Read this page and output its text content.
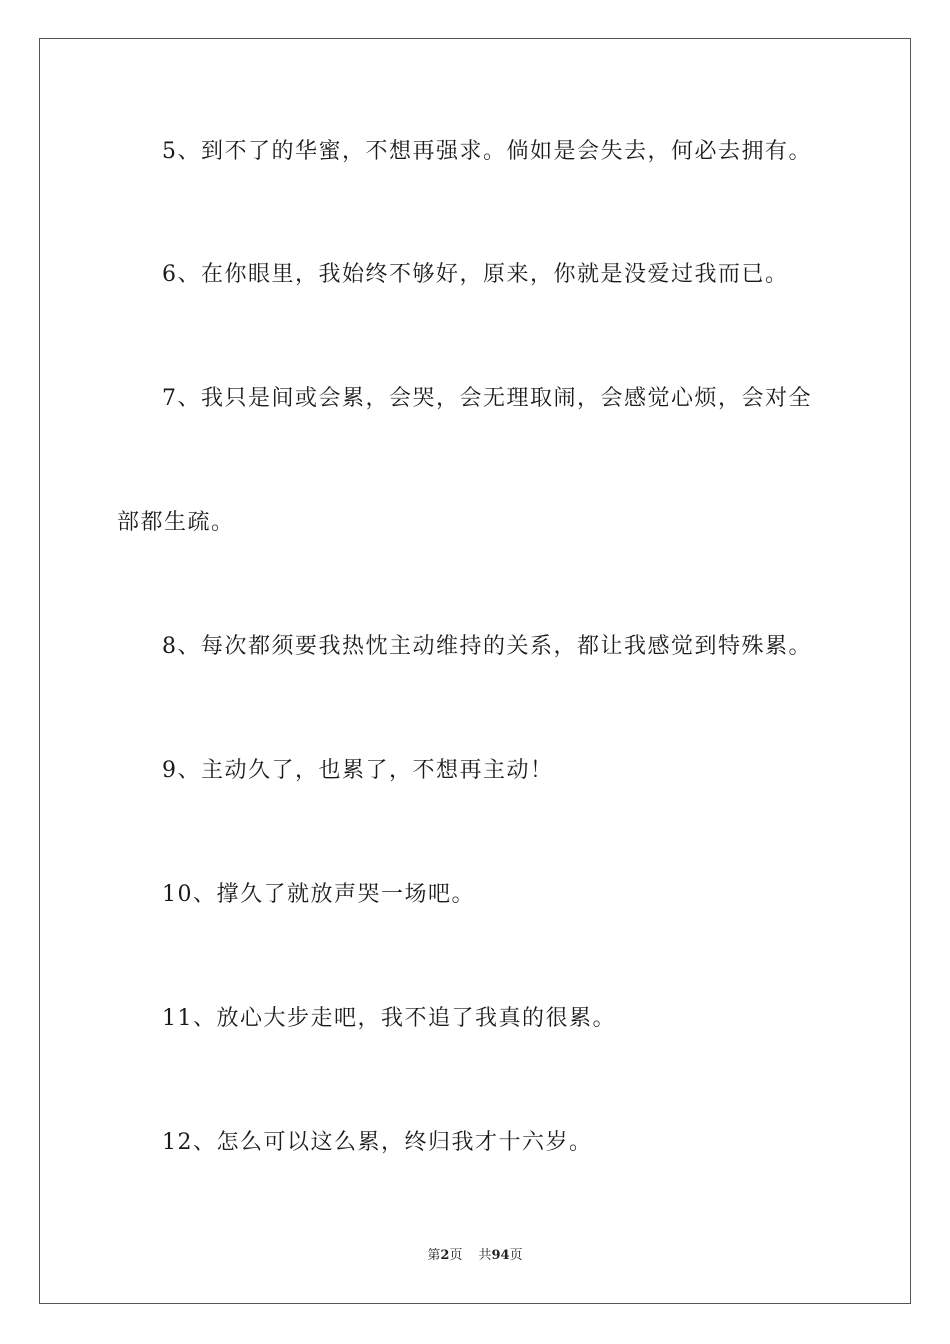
5、到不了的华蜜，不想再强求。倘如是会失去，何必去拥有。

6、在你眼里，我始终不够好，原来，你就是没爱过我而已。

7、我只是间或会累，会哭，会无理取闹，会感觉心烦，会对全

部都生疏。

8、每次都须要我热忱主动维持的关系，都让我感觉到特殊累。

9、主动久了，也累了，不想再主动！

10、撑久了就放声哭一场吧。

11、放心大步走吧，我不追了我真的很累。

12、怎么可以这么累，终归我才十六岁。

第2页 共94页
